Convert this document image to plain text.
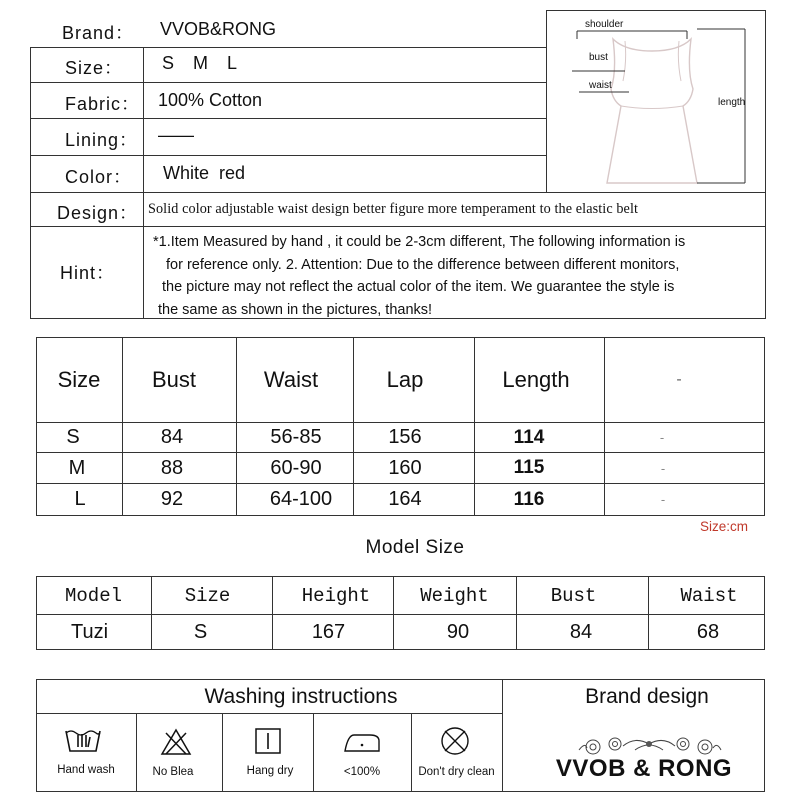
Brand： VVOB&RONG
Size： S  M  L
Fabric： 100% Cotton
Lining： ——
Color： White  red
Design： Solid color adjustable waist design better figure more temperament to the elastic belt
Hint：
*1.Item Measured by hand , it could be 2-3cm different, The following information is
for reference only. 2. Attention: Due to the difference between different monitors,
the picture may not reflect the actual color of the item. We guarantee the style is
the same as shown in the pictures, thanks!
shoulder
bust
waist
length
Size	Bust	Waist	Lap	Length	-
S	84	56-85	156	114	-
M	88	60-90	160	115	-
L	92	64-100	164	116	-
Size:cm
Model Size
Model	Size	Height	Weight	Bust	Waist
Tuzi	S	167	90	84	68
Washing instructions	Brand design
Hand wash	No Blea	Hang dry	<100%	Don't dry clean	VVOB & RONG
